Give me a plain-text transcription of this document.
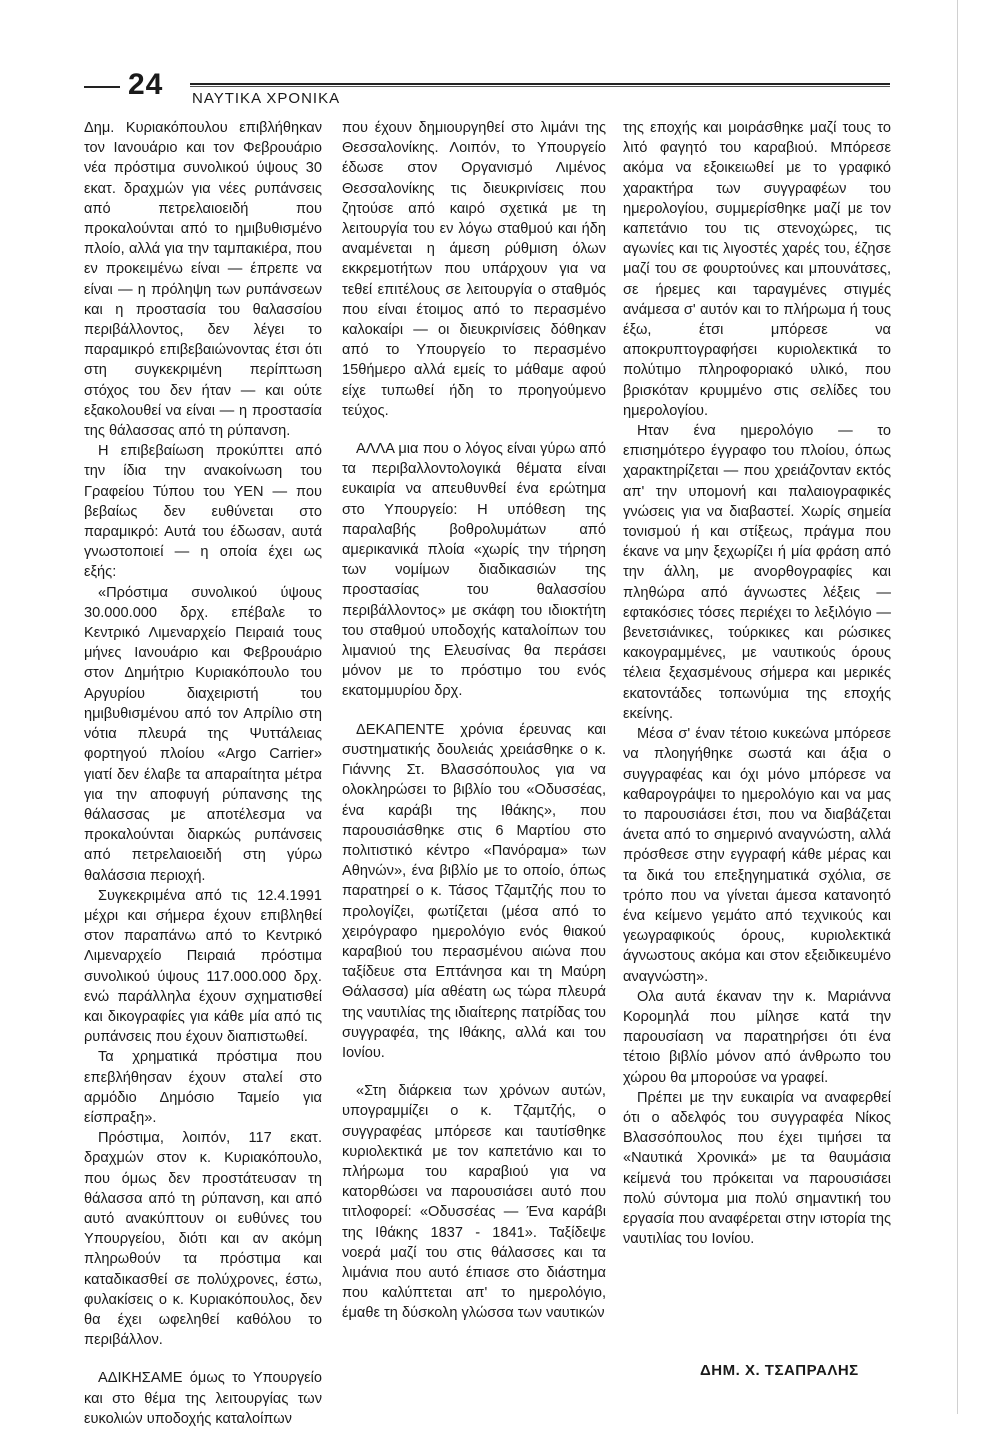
24 ΝΑΥΤΙΚΑ ΧΡΟΝΙΚΑ

Δημ. Κυριακόπουλου επιβλήθηκαν τον Ιανουάριο και τον Φεβρουάριο νέα πρόστιμα συνολικού ύψους 30 εκατ. δραχμών για νέες ρυπάνσεις από πετρελαιοειδή που προκαλούνται από το ημιβυθισμένο πλοίο, αλλά για την ταμπακιέρα, που εν προκειμένω είναι — έπρεπε να είναι — η πρόληψη των ρυπάνσεων και η προστασία του θαλασσίου περιβάλλοντος, δεν λέγει το παραμικρό επιβεβαιώνοντας έτσι ότι στη συγκεκριμένη περίπτωση στόχος του δεν ήταν — και ούτε εξακολουθεί να είναι — η προστασία της θάλασσας από τη ρύπανση.

Η επιβεβαίωση προκύπτει από την ίδια την ανακοίνωση του Γραφείου Τύπου του ΥΕΝ — που βεβαίως δεν ευθύνεται στο παραμικρό: Αυτά του έδωσαν, αυτά γνωστοποιεί — η οποία έχει ως εξής:

«Πρόστιμα συνολικού ύψους 30.000.000 δρχ. επέβαλε το Κεντρικό Λιμεναρχείο Πειραιά τους μήνες Ιανουάριο και Φεβρουάριο στον Δημήτριο Κυριακόπουλο του Αργυρίου διαχειριστή του ημιβυθισμένου από τον Απρίλιο στη νότια πλευρά της Ψυττάλειας φορτηγού πλοίου «Argo Carrier» γιατί δεν έλαβε τα απαραίτητα μέτρα για την αποφυγή ρύπανσης της θάλασσας με αποτέλεσμα να προκαλούνται διαρκώς ρυπάνσεις από πετρελαιοειδή στη γύρω θαλάσσια περιοχή.

Συγκεκριμένα από τις 12.4.1991 μέχρι και σήμερα έχουν επιβληθεί στον παραπάνω από το Κεντρικό Λιμεναρχείο Πειραιά πρόστιμα συνολικού ύψους 117.000.000 δρχ. ενώ παράλληλα έχουν σχηματισθεί και δικογραφίες για κάθε μία από τις ρυπάνσεις που έχουν διαπιστωθεί.

Τα χρηματικά πρόστιμα που επεβλήθησαν έχουν σταλεί στο αρμόδιο Δημόσιο Ταμείο για είσπραξη».

Πρόστιμα, λοιπόν, 117 εκατ. δραχμών στον κ. Κυριακόπουλο, που όμως δεν προστάτευσαν τη θάλασσα από τη ρύπανση, και από αυτό ανακύπτουν οι ευθύνες του Υπουργείου, διότι και αν ακόμη πληρωθούν τα πρόστιμα και καταδικασθεί σε πολύχρονες, έστω, φυλακίσεις ο κ. Κυριακόπουλος, δεν θα έχει ωφεληθεί καθόλου το περιβάλλον.

ΑΔΙΚΗΣΑΜΕ όμως το Υπουργείο και στο θέμα της λειτουργίας των ευκολιών υποδοχής καταλοίπων

που έχουν δημιουργηθεί στο λιμάνι της Θεσσαλονίκης. Λοιπόν, το Υπουργείο έδωσε στον Οργανισμό Λιμένος Θεσσαλονίκης τις διευκρινίσεις που ζητούσε από καιρό σχετικά με τη λειτουργία του εν λόγω σταθμού και ήδη αναμένεται η άμεση ρύθμιση όλων εκκρεμοτήτων που υπάρχουν για να τεθεί επιτέλους σε λειτουργία ο σταθμός που είναι έτοιμος από το περασμένο καλοκαίρι — οι διευκρινίσεις δόθηκαν από το Υπουργείο το περασμένο 15θήμερο αλλά εμείς το μάθαμε αφού είχε τυπωθεί ήδη το προηγούμενο τεύχος.

ΑΛΛΑ μια που ο λόγος είναι γύρω από τα περιβαλλοντολογικά θέματα είναι ευκαιρία να απευθυνθεί ένα ερώτημα στο Υπουργείο: Η υπόθεση της παραλαβής βοθρολυμάτων από αμερικανικά πλοία «χωρίς την τήρηση των νομίμων διαδικασιών της προστασίας του θαλασσίου περιβάλλοντος» με σκάφη του ιδιοκτήτη του σταθμού υποδοχής καταλοίπων του λιμανιού της Ελευσίνας θα περάσει μόνον με το πρόστιμο του ενός εκατομμυρίου δρχ.

ΔΕΚΑΠΕΝΤΕ χρόνια έρευνας και συστηματικής δουλειάς χρειάσθηκε ο κ. Γιάννης Στ. Βλασσόπουλος για να ολοκληρώσει το βιβλίο του «Οδυσσέας, ένα καράβι της Ιθάκης», που παρουσιάσθηκε στις 6 Μαρτίου στο πολιτιστικό κέντρο «Πανόραμα» των Αθηνών», ένα βιβλίο με το οποίο, όπως παρατηρεί ο κ. Τάσος Τζαμτζής που το προλογίζει, φωτίζεται (μέσα από το χειρόγραφο ημερολόγιο ενός θιακού καραβιού του περασμένου αιώνα που ταξίδευε στα Επτάνησα και τη Μαύρη Θάλασσα) μία αθέατη ως τώρα πλευρά της ναυτιλίας της ιδιαίτερης πατρίδας του συγγραφέα, της Ιθάκης, αλλά και του Ιονίου.

«Στη διάρκεια των χρόνων αυτών, υπογραμμίζει ο κ. Τζαμτζής, ο συγγραφέας μπόρεσε και ταυτίσθηκε κυριολεκτικά με τον καπετάνιο και το πλήρωμα του καραβιού για να κατορθώσει να παρουσιάσει αυτό που τιτλοφορεί: «Οδυσσέας — Ένα καράβι της Ιθάκης 1837 - 1841». Ταξίδεψε νοερά μαζί του στις θάλασσες και τα λιμάνια που αυτό έπιασε στο διάστημα που καλύπτεται απ' το ημερολόγιο, έμαθε τη δύσκολη γλώσσα των ναυτικών

της εποχής και μοιράσθηκε μαζί τους το λιτό φαγητό του καραβιού. Μπόρεσε ακόμα να εξοικειωθεί με το γραφικό χαρακτήρα των συγγραφέων του ημερολογίου, συμμερίσθηκε μαζί με τον καπετάνιο του τις στενοχώρες, τις αγωνίες και τις λιγοστές χαρές του, έζησε μαζί του σε φουρτούνες και μπουνάτσες, σε ήρεμες και ταραγμένες στιγμές ανάμεσα σ' αυτόν και το πλήρωμα ή τους έξω, έτσι μπόρεσε να αποκρυπτογραφήσει κυριολεκτικά το πολύτιμο πληροφοριακό υλικό, που βρισκόταν κρυμμένο στις σελίδες του ημερολογίου.

Ηταν ένα ημερολόγιο — το επισημότερο έγγραφο του πλοίου, όπως χαρακτηρίζεται — που χρειάζονταν εκτός απ' την υπομονή και παλαιογραφικές γνώσεις για να διαβαστεί. Χωρίς σημεία τονισμού ή και στίξεως, πράγμα που έκανε να μην ξεχωρίζει ή μία φράση από την άλλη, με ανορθογραφίες και πληθώρα από άγνωστες λέξεις — εφτακόσιες τόσες περιέχει το λεξιλόγιο — βενετσιάνικες, τούρκικες και ρώσικες κακογραμμένες, με ναυτικούς όρους τέλεια ξεχασμένους σήμερα και μερικές εκατοντάδες τοπωνύμια της εποχής εκείνης.

Μέσα σ' έναν τέτοιο κυκεώνα μπόρεσε να πλοηγήθηκε σωστά και άξια ο συγγραφέας και όχι μόνο μπόρεσε να καθαρογράψει το ημερολόγιο και να μας το παρουσιάσει έτσι, που να διαβάζεται άνετα από το σημερινό αναγνώστη, αλλά πρόσθεσε στην εγγραφή κάθε μέρας και τα δικά του επεξηγηματικά σχόλια, σε τρόπο που να γίνεται άμεσα κατανοητό ένα κείμενο γεμάτο από τεχνικούς και γεωγραφικούς όρους, κυριολεκτικά άγνωστους ακόμα και στον εξειδικευμένο αναγνώστη».

Ολα αυτά έκαναν την κ. Μαριάννα Κορομηλά που μίλησε κατά την παρουσίαση να παρατηρήσει ότι ένα τέτοιο βιβλίο μόνον από άνθρωπο του χώρου θα μπορούσε να γραφεί.

Πρέπει με την ευκαιρία να αναφερθεί ότι ο αδελφός του συγγραφέα Νίκος Βλασσόπουλος που έχει τιμήσει τα «Ναυτικά Χρονικά» με τα θαυμάσια κείμενά του πρόκειται να παρουσιάσει πολύ σύντομα μια πολύ σημαντική του εργασία που αναφέρεται στην ιστορία της ναυτιλίας του Ιονίου.

ΔΗΜ. Χ. ΤΣΑΠΡΑΛΗΣ
